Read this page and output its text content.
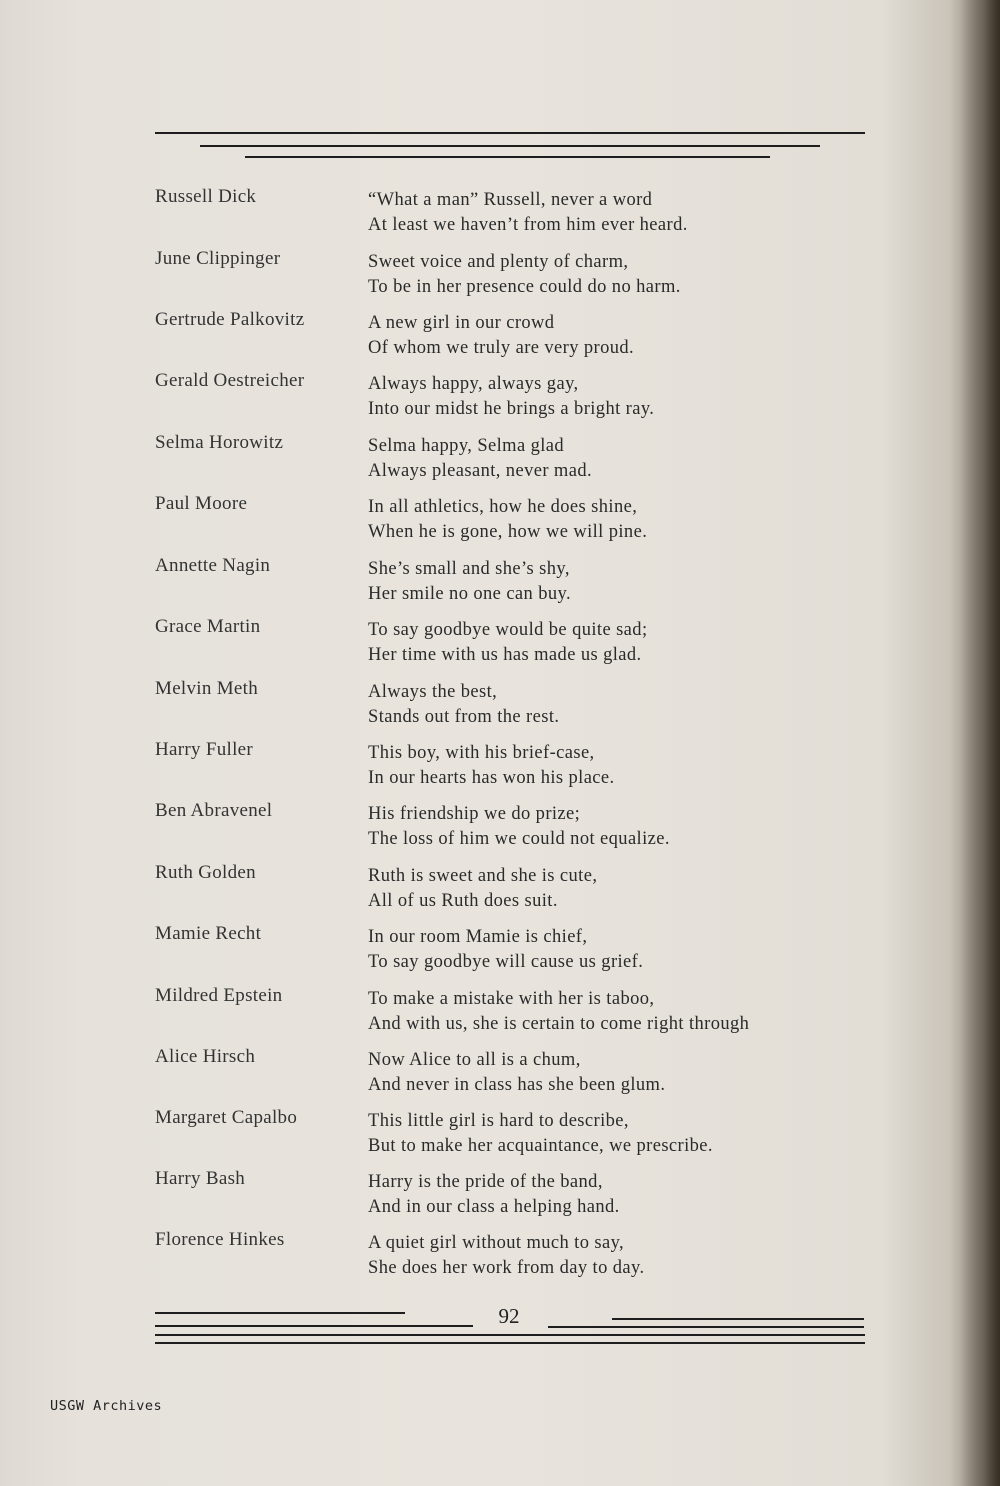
Russell Dick	“What a man” Russell, never a word
At least we haven’t from him ever heard.
June Clippinger	Sweet voice and plenty of charm,
To be in her presence could do no harm.
Gertrude Palkovitz	A new girl in our crowd
Of whom we truly are very proud.
Gerald Oestreicher	Always happy, always gay,
Into our midst he brings a bright ray.
Selma Horowitz	Selma happy, Selma glad
Always pleasant, never mad.
Paul Moore	In all athletics, how he does shine,
When he is gone, how we will pine.
Annette Nagin	She’s small and she’s shy,
Her smile no one can buy.
Grace Martin	To say goodbye would be quite sad;
Her time with us has made us glad.
Melvin Meth	Always the best,
Stands out from the rest.
Harry Fuller	This boy, with his brief-case,
In our hearts has won his place.
Ben Abravenel	His friendship we do prize;
The loss of him we could not equalize.
Ruth Golden	Ruth is sweet and she is cute,
All of us Ruth does suit.
Mamie Recht	In our room Mamie is chief,
To say goodbye will cause us grief.
Mildred Epstein	To make a mistake with her is taboo,
And with us, she is certain to come right through
Alice Hirsch	Now Alice to all is a chum,
And never in class has she been glum.
Margaret Capalbo	This little girl is hard to describe,
But to make her acquaintance, we prescribe.
Harry Bash	Harry is the pride of the band,
And in our class a helping hand.
Florence Hinkes	A quiet girl without much to say,
She does her work from day to day.
92
USGW Archives
